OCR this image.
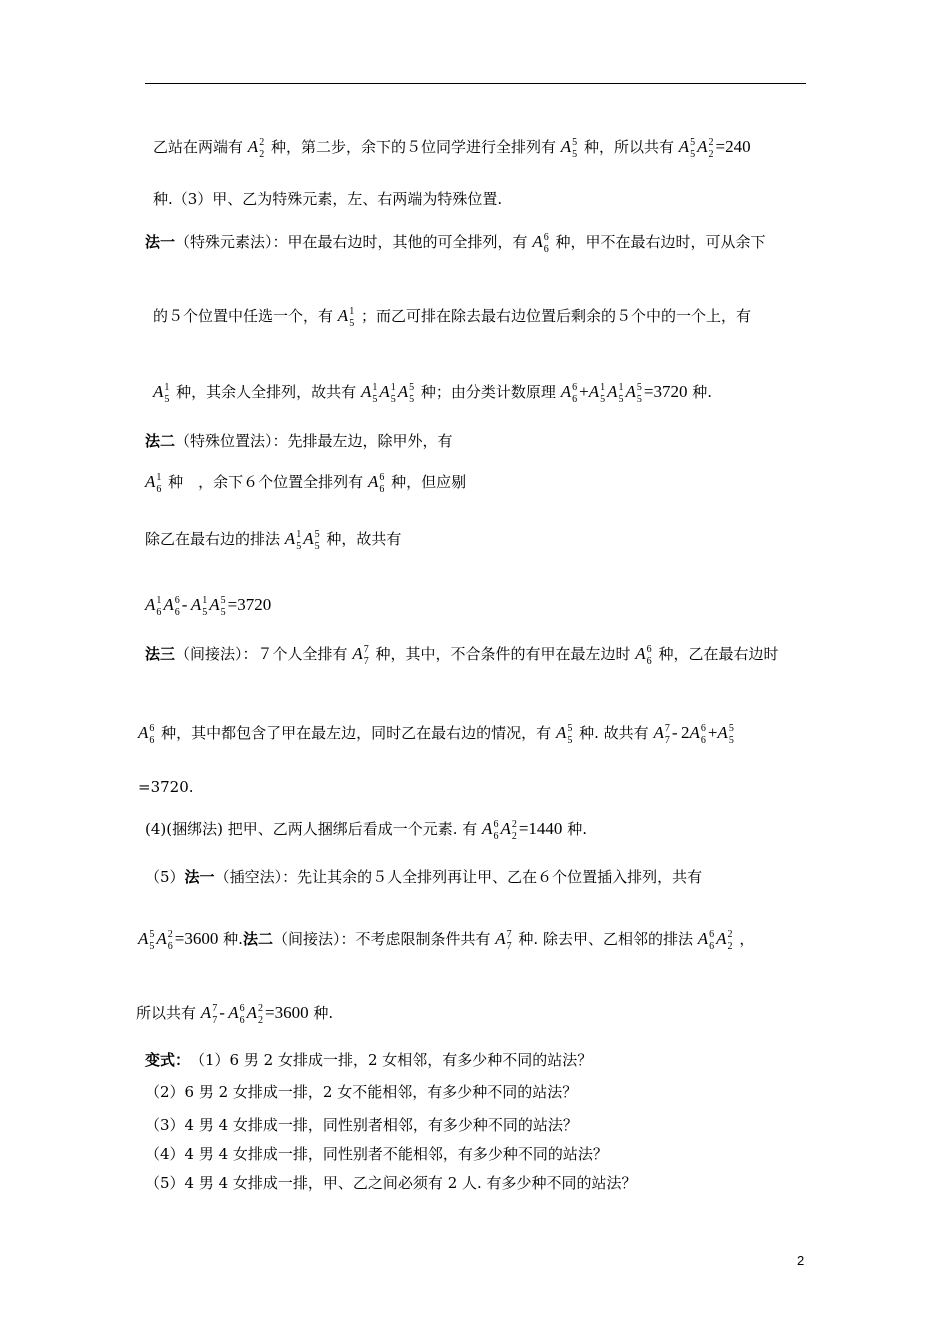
乙站在两端有 A 2
2 种，第二步，余下的５位同学进行全排列有 A 5
5 种，所以共有 A 5
5 A 2
2 =240
种.（3）甲、乙为特殊元素，左、右两端为特殊位置.
法一（特殊元素法）：甲在最右边时，其他的可全排列，有 A 6
6 种，甲不在最右边时，可从余下
的５个位置中任选一个，有 A 1
5 ；而乙可排在除去最右边位置后剩余的５个中的一个上，有
A 1
5 种，其余人全排列，故共有 A 1
5 A 1
5 A 5
5 种；由分类计数原理 A 6
6 +A 1
5 A 1
5 A 5
5 =3720 种.
法二（特殊位置法）：先排最左边，除甲外，有
A 1
6 种　，余下６个位置全排列有 A 6
6 种，但应剔
除乙在最右边的排法 A 1
5 A 5
5 种，故共有
A 1
6 A 6
6 -  A 1
5 A 5
5 =3720
法三（间接法）：７个人全排有 A 7
7 种，其中，不合条件的有甲在最左边时 A 6
6 种，乙在最右边时
A 6
6 种，其中都包含了甲在最左边，同时乙在最右边的情况，有 A 5
5 种. 故共有 A 7
7 -  2A 6
6 +A 5
5
=3720.
(4)(捆绑法) 把甲、乙两人捆绑后看成一个元素. 有 A 6
6 A 2
2 =1440 种.
（5）法一（插空法）：先让其余的５人全排列再让甲、乙在６个位置插入排列，共有
A 5
5 A 2
6 =3600 种.法二（间接法）：不考虑限制条件共有 A 7
7 种. 除去甲、乙相邻的排法 A 6
6 A 2
2 ，
所以共有 A 7
7 -  A 6
6 A 2
2 =3600 种.
变式：（1）6 男 2 女排成一排，2 女相邻，有多少种不同的站法？
（2）6 男 2 女排成一排，2 女不能相邻，有多少种不同的站法？
（3）4 男 4 女排成一排，同性别者相邻，有多少种不同的站法？
（4）4 男 4 女排成一排，同性别者不能相邻，有多少种不同的站法？
（5）4 男 4 女排成一排，甲、乙之间必须有 2 人. 有多少种不同的站法？
2
